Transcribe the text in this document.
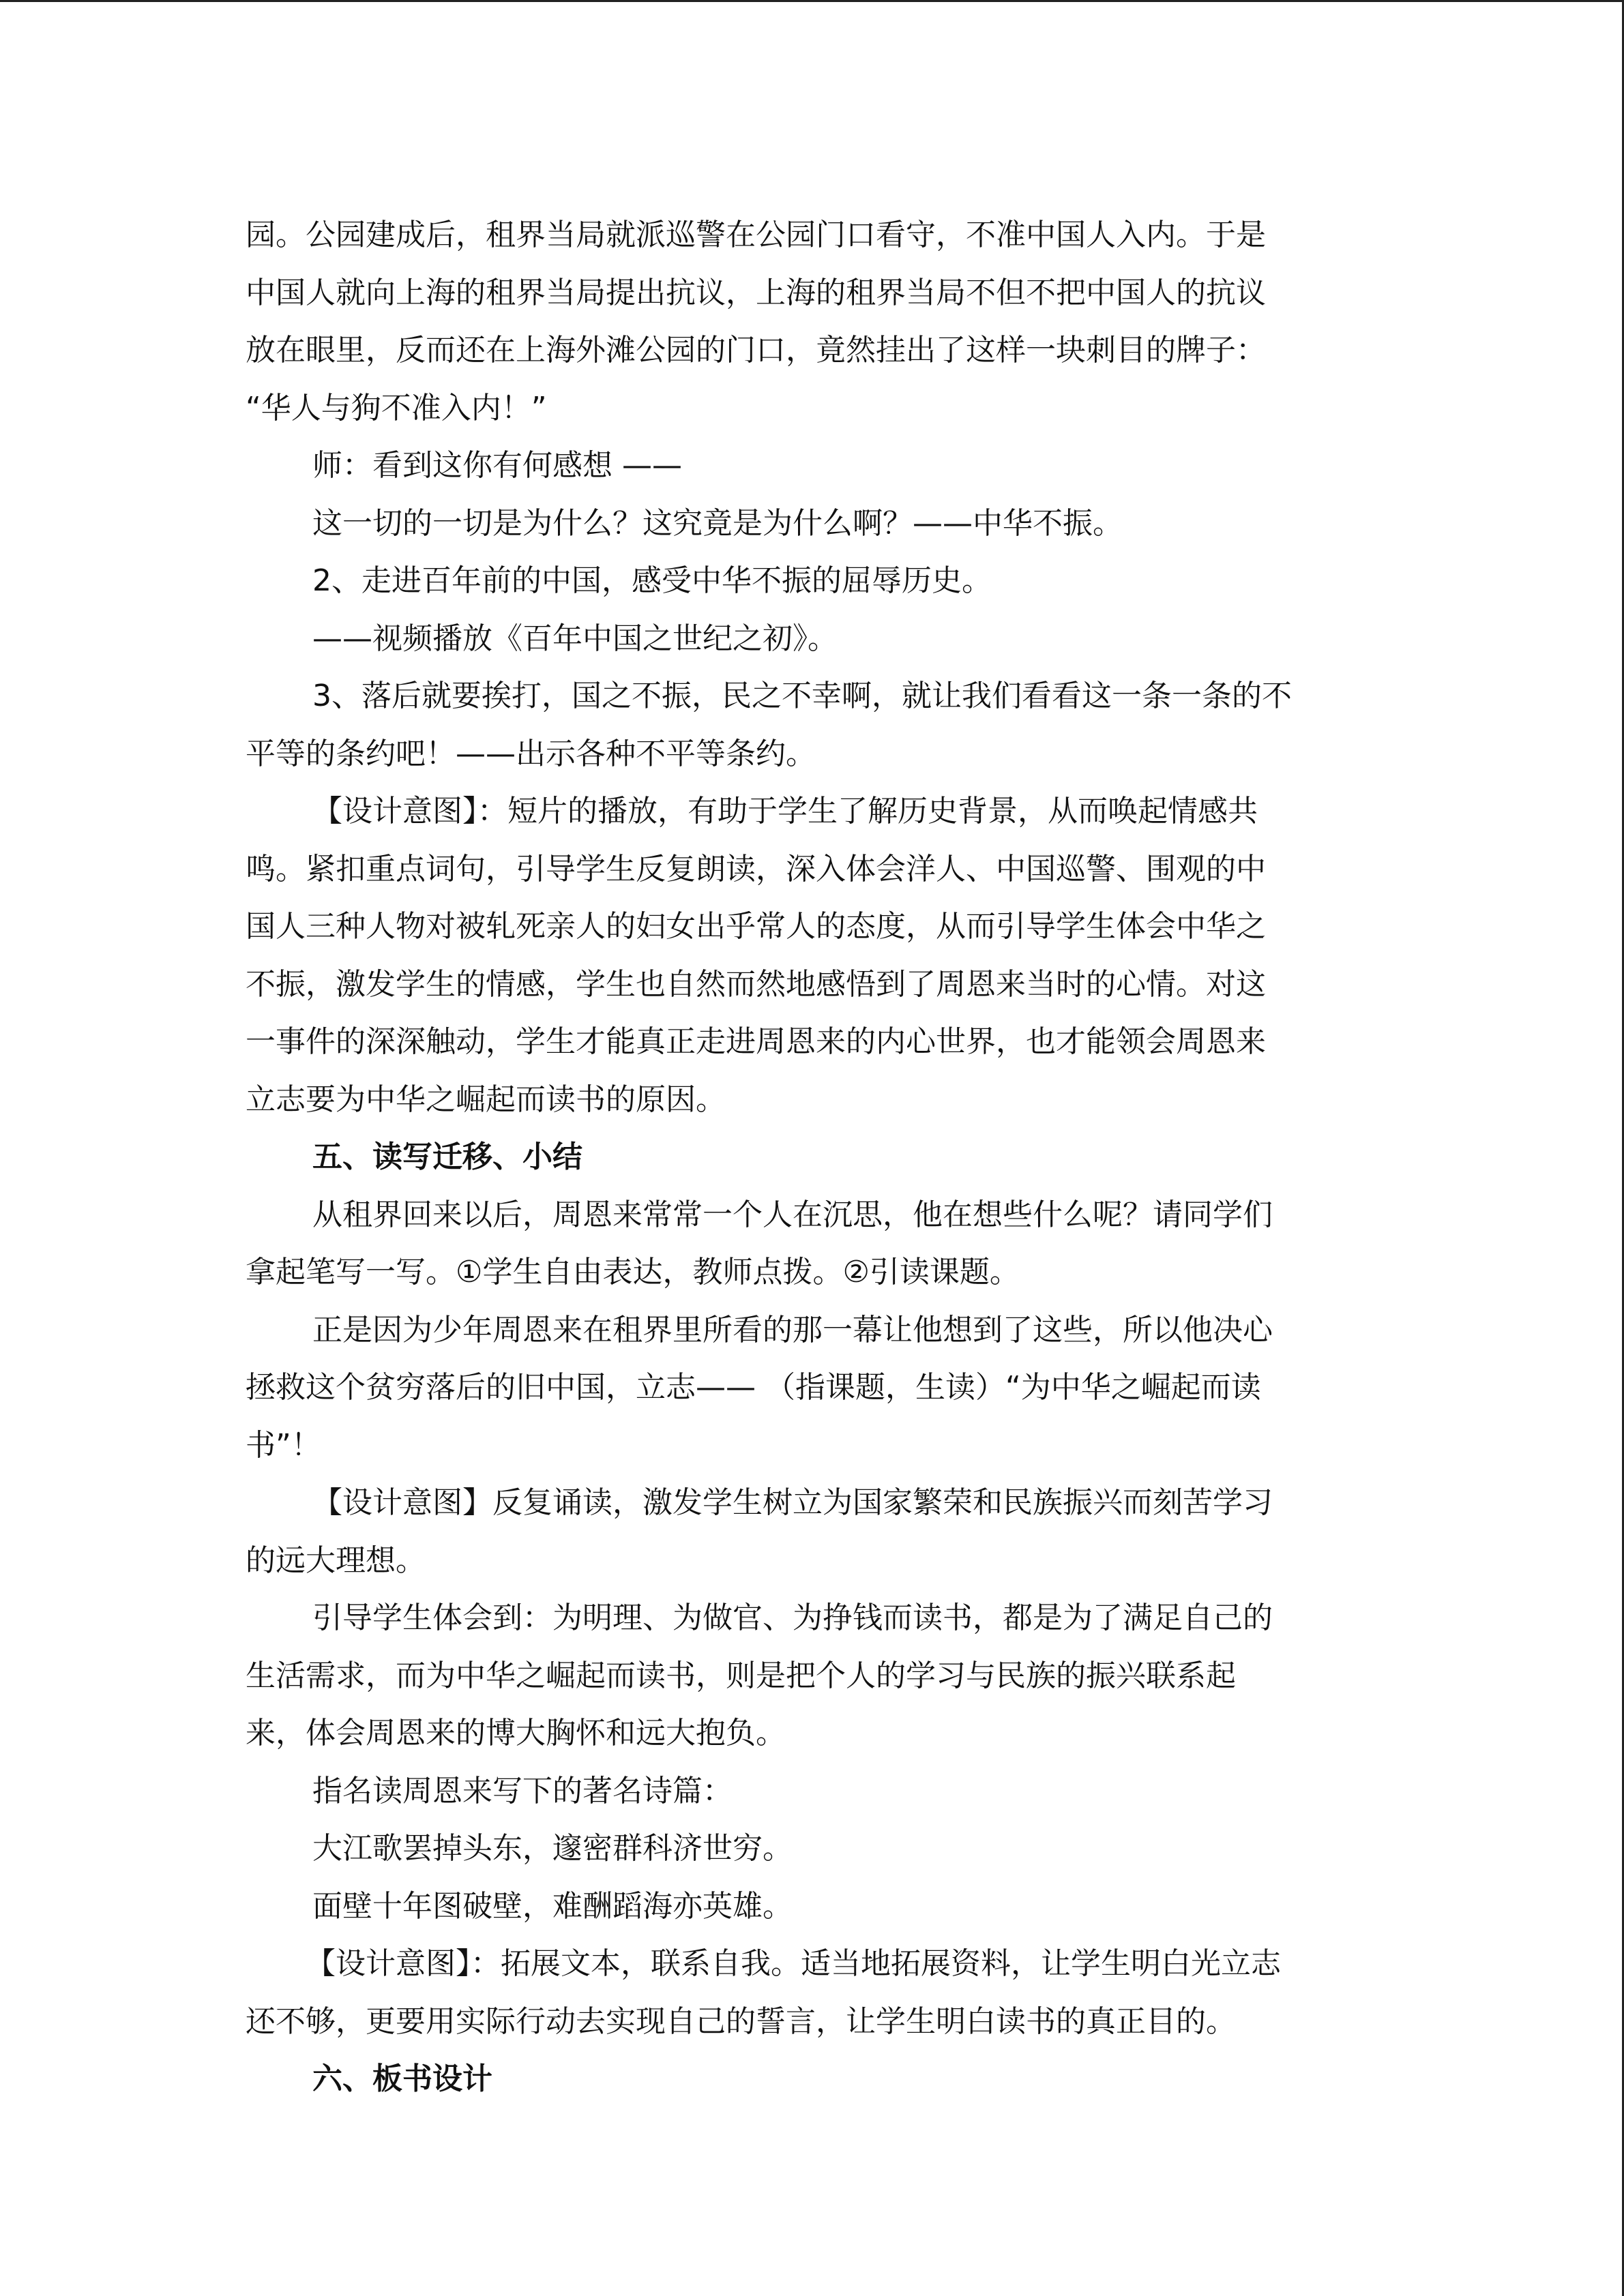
园。公园建成后，租界当局就派巡警在公园门口看守，不准中国人入内。于是
中国人就向上海的租界当局提出抗议，上海的租界当局不但不把中国人的抗议
放在眼里，反而还在上海外滩公园的门口，竟然挂出了这样一块刺目的牌子：
“华人与狗不准入内！”
师：看到这你有何感想 ——
这一切的一切是为什么？这究竟是为什么啊？——中华不振。
2、走进百年前的中国，感受中华不振的屈辱历史。
——视频播放《百年中国之世纪之初》。
3、落后就要挨打，国之不振，民之不幸啊，就让我们看看这一条一条的不
平等的条约吧！——出示各种不平等条约。
【设计意图】：短片的播放，有助于学生了解历史背景，从而唤起情感共
鸣。紧扣重点词句，引导学生反复朗读，深入体会洋人、中国巡警、围观的中
国人三种人物对被轧死亲人的妇女出乎常人的态度，从而引导学生体会中华之
不振，激发学生的情感，学生也自然而然地感悟到了周恩来当时的心情。对这
一事件的深深触动，学生才能真正走进周恩来的内心世界，也才能领会周恩来
立志要为中华之崛起而读书的原因。
五、读写迁移、小结
从租界回来以后，周恩来常常一个人在沉思，他在想些什么呢？请同学们
拿起笔写一写。①学生自由表达，教师点拨。②引读课题。
正是因为少年周恩来在租界里所看的那一幕让他想到了这些，所以他决心
拯救这个贫穷落后的旧中国，立志—— （指课题，生读）“为中华之崛起而读
书”！
【设计意图】反复诵读，激发学生树立为国家繁荣和民族振兴而刻苦学习
的远大理想。
引导学生体会到：为明理、为做官、为挣钱而读书，都是为了满足自己的
生活需求，而为中华之崛起而读书，则是把个人的学习与民族的振兴联系起
来，体会周恩来的博大胸怀和远大抱负。
指名读周恩来写下的著名诗篇：
大江歌罢掉头东，邃密群科济世穷。
面壁十年图破壁，难酬蹈海亦英雄。
【设计意图】：拓展文本，联系自我。适当地拓展资料，让学生明白光立志
还不够，更要用实际行动去实现自己的誓言，让学生明白读书的真正目的。
六、板书设计
